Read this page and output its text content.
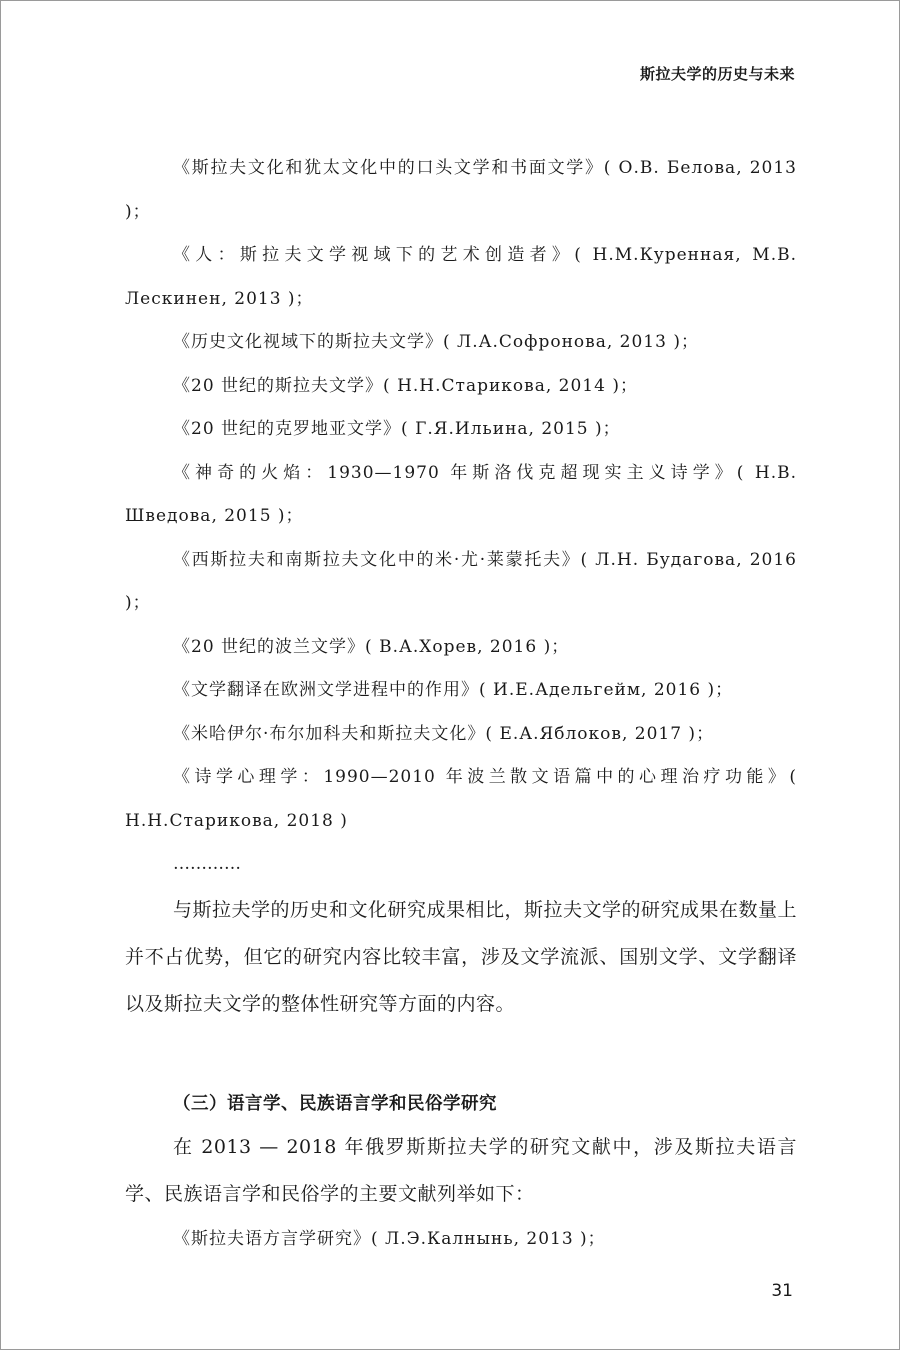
斯拉夫学的历史与未来

《斯拉夫文化和犹太文化中的口头文学和书面文学》( О.В. Белова, 2013 )；

《人：斯拉夫文学视域下的艺术创造者》( Н.М.Куренная, М.В. Лескинен, 2013 )；

《历史文化视域下的斯拉夫文学》( Л.А.Софронова, 2013 )；

《20 世纪的斯拉夫文学》( Н.Н.Старикова, 2014 )；

《20 世纪的克罗地亚文学》( Г.Я.Ильина, 2015 )；

《神奇的火焰：1930—1970 年斯洛伐克超现实主义诗学》( Н.В. Шведова, 2015 )；

《西斯拉夫和南斯拉夫文化中的米·尤·莱蒙托夫》( Л.Н. Будагова, 2016 )；

《20 世纪的波兰文学》( В.А.Хорев, 2016 )；

《文学翻译在欧洲文学进程中的作用》( И.Е.Адельгейм, 2016 )；

《米哈伊尔·布尔加科夫和斯拉夫文化》( Е.А.Яблоков, 2017 )；

《诗学心理学：1990—2010 年波兰散文语篇中的心理治疗功能》( Н.Н.Старикова, 2018 )

…………

与斯拉夫学的历史和文化研究成果相比，斯拉夫文学的研究成果在数量上并不占优势，但它的研究内容比较丰富，涉及文学流派、国别文学、文学翻译以及斯拉夫文学的整体性研究等方面的内容。

（三）语言学、民族语言学和民俗学研究

在 2013 — 2018 年俄罗斯斯拉夫学的研究文献中，涉及斯拉夫语言学、民族语言学和民俗学的主要文献列举如下：

《斯拉夫语方言学研究》( Л.Э.Калнынь, 2013 )；

31
